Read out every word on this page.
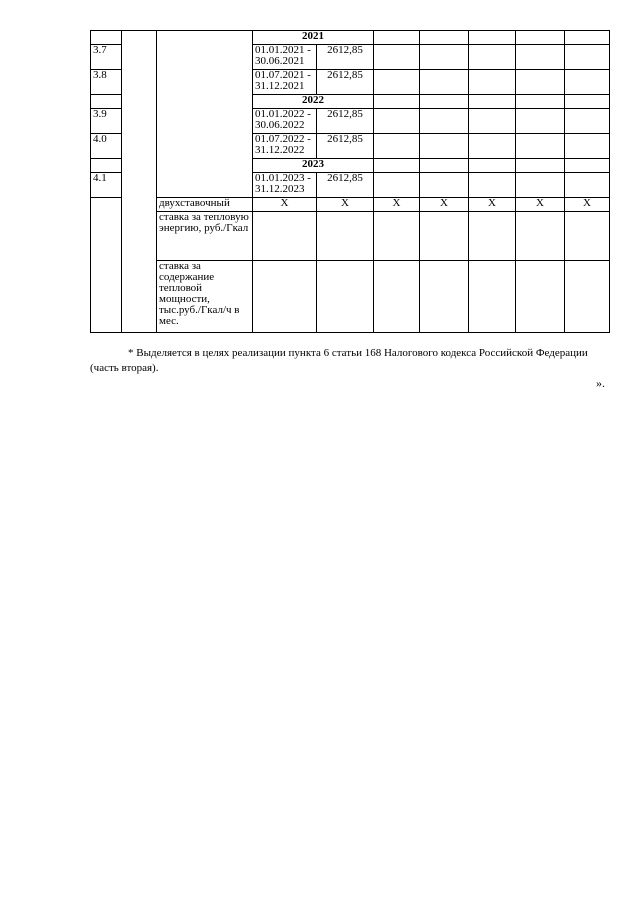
			2021							
3.7			01.01.2021 - 30.06.2021	2612,85						
3.8			01.07.2021 - 31.12.2021	2612,85						
			2022							
3.9			01.01.2022 - 30.06.2022	2612,85						
4.0			01.07.2022 - 31.12.2022	2612,85						
			2023							
4.1			01.01.2023 - 31.12.2023	2612,85						
		двухставочный	X	X	X	X	X	X	X	
		ставка за тепловую энергию, руб./Гкал								
		ставка за содержание тепловой мощности, тыс.руб./Гкал/ч в мес.								
* Выделяется в целях реализации пункта 6 статьи 168 Налогового кодекса Российской Федерации (часть вторая).
».
